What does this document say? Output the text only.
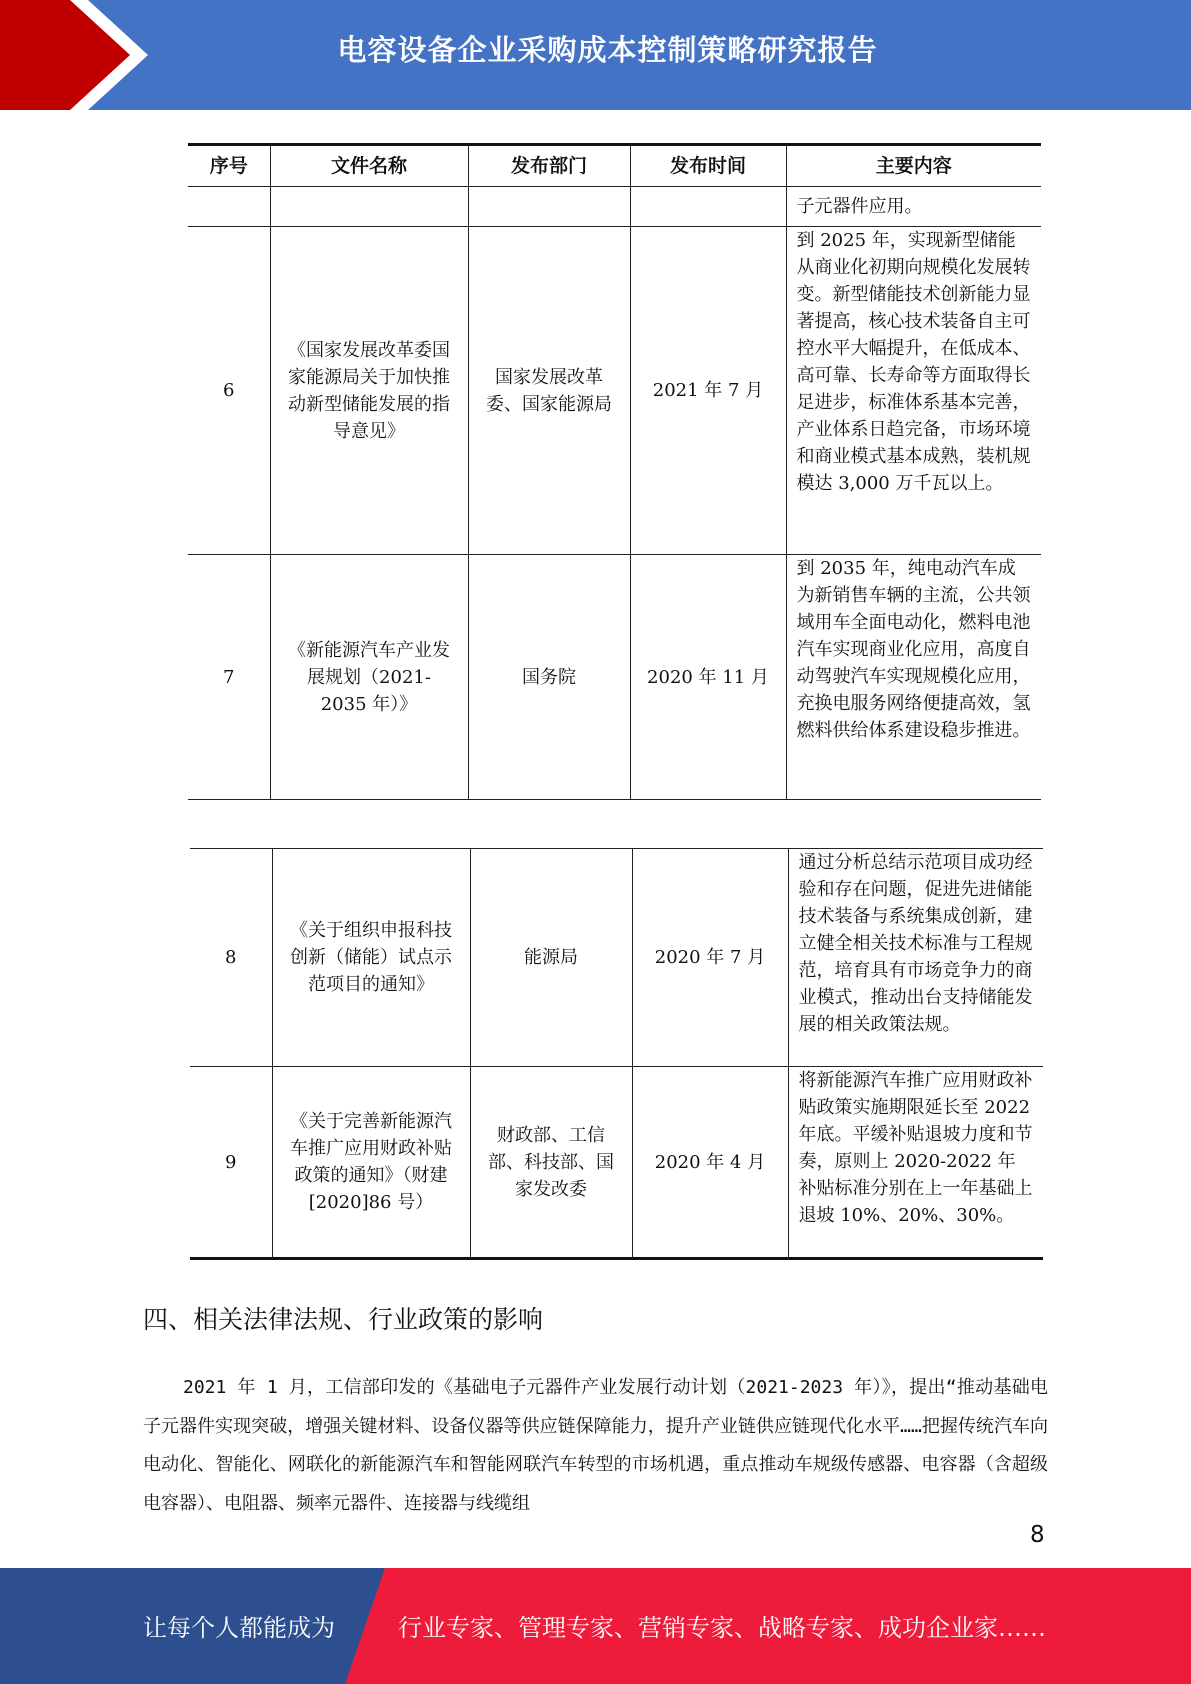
电容设备企业采购成本控制策略研究报告
序号	文件名称	发布部门	发布时间	主要内容
				子元器件应用。
6	《国家发展改革委国家能源局关于加快推动新型储能发展的指导意见》	国家发展改革委、国家能源局	2021 年 7 月	到 2025 年，实现新型储能从商业化初期向规模化发展转变。新型储能技术创新能力显著提高，核心技术装备自主可控水平大幅提升，在低成本、高可靠、长寿命等方面取得长足进步，标准体系基本完善，产业体系日趋完备，市场环境和商业模式基本成熟，装机规模达 3,000 万千瓦以上。
7	《新能源汽车产业发展规划（2021-2035 年）》	国务院	2020 年 11 月	到 2035 年，纯电动汽车成为新销售车辆的主流，公共领域用车全面电动化，燃料电池汽车实现商业化应用，高度自动驾驶汽车实现规模化应用，充换电服务网络便捷高效，氢燃料供给体系建设稳步推进。
8	《关于组织申报科技创新（储能）试点示范项目的通知》	能源局	2020 年 7 月	通过分析总结示范项目成功经验和存在问题，促进先进储能技术装备与系统集成创新，建立健全相关技术标准与工程规范，培育具有市场竞争力的商业模式，推动出台支持储能发展的相关政策法规。
9	《关于完善新能源汽车推广应用财政补贴政策的通知》（财建[2020]86 号）	财政部、工信部、科技部、国家发改委	2020 年 4 月	将新能源汽车推广应用财政补贴政策实施期限延长至 2022 年底。平缓补贴退坡力度和节奏，原则上 2020-2022 年补贴标准分别在上一年基础上退坡 10%、20%、30%。
四、相关法律法规、行业政策的影响

2021 年 1 月，工信部印发的《基础电子元器件产业发展行动计划（2021-2023 年）》，提出“推动基础电子元器件实现突破，增强关键材料、设备仪器等供应链保障能力，提升产业链供应链现代化水平……把握传统汽车向电动化、智能化、网联化的新能源汽车和智能网联汽车转型的市场机遇，重点推动车规级传感器、电容器（含超级电容器）、电阻器、频率元器件、连接器与线缆组

8
让每个人都能成为	行业专家、管理专家、营销专家、战略专家、成功企业家……
